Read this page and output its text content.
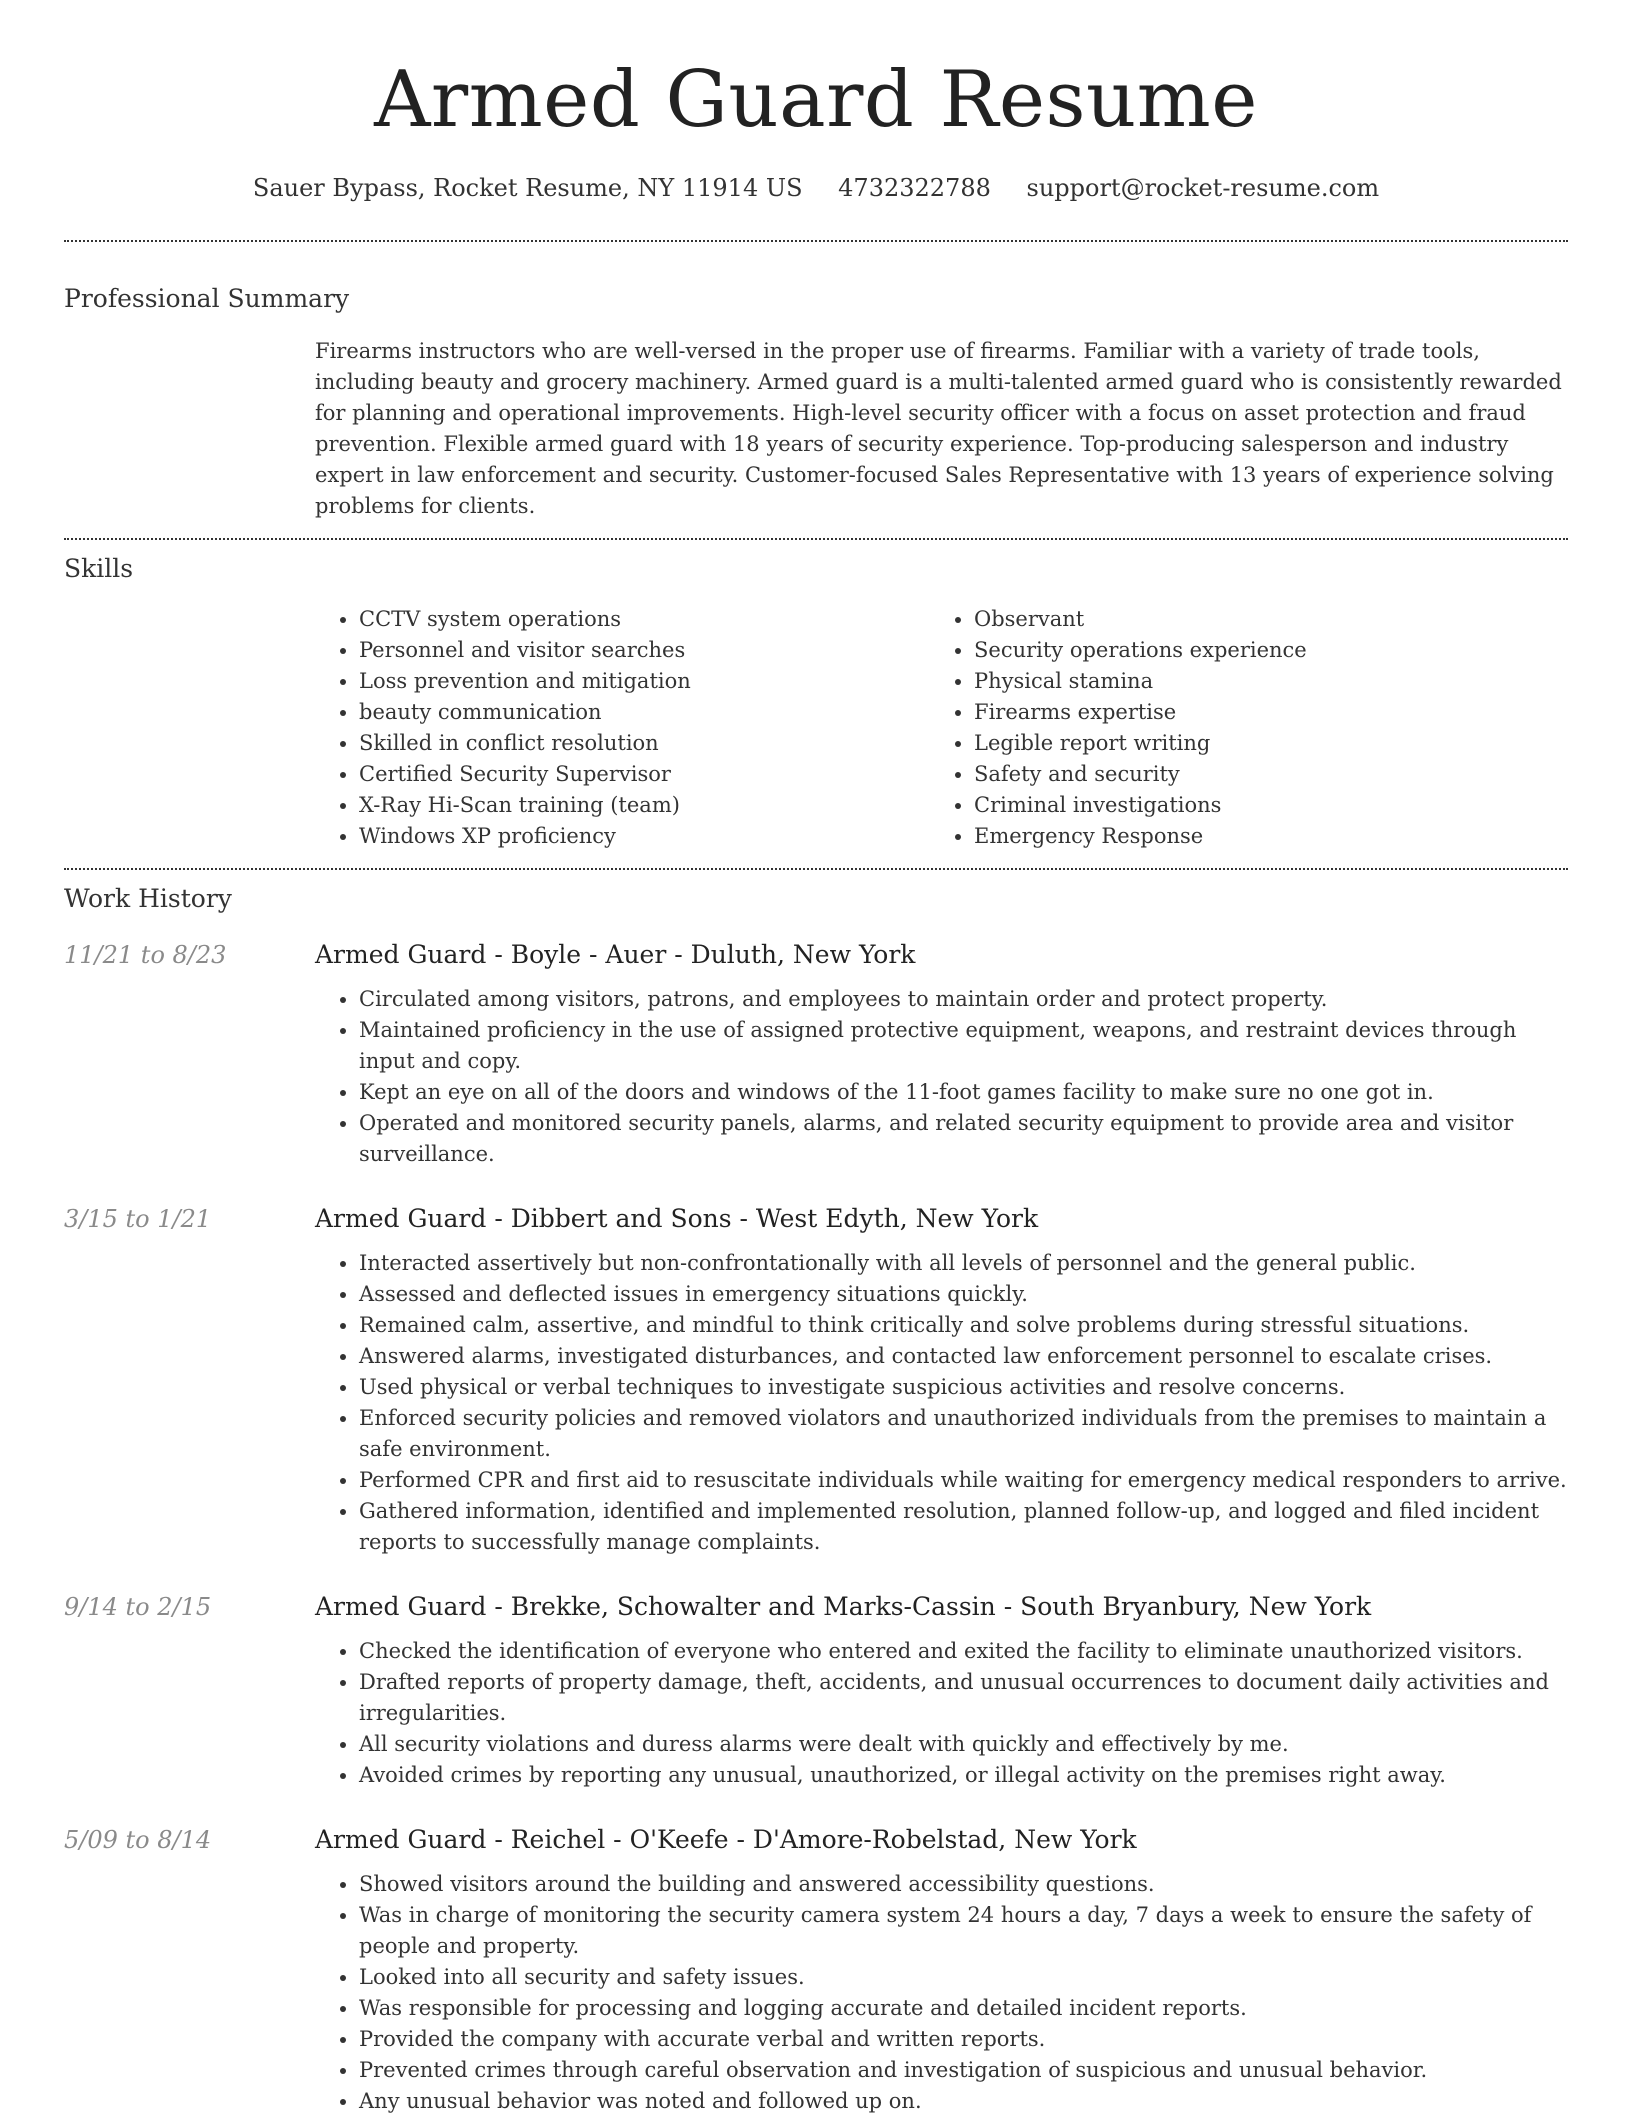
Armed Guard Resume
Sauer Bypass, Rocket Resume, NY 11914 US 4732322788 support@rocket-resume.com
Professional Summary

Firearms instructors who are well-versed in the proper use of firearms. Familiar with a variety of trade tools, including beauty and grocery machinery. Armed guard is a multi-talented armed guard who is consistently rewarded for planning and operational improvements. High-level security officer with a focus on asset protection and fraud prevention. Flexible armed guard with 18 years of security experience. Top-producing salesperson and industry expert in law enforcement and security. Customer-focused Sales Representative with 13 years of experience solving problems for clients.

Skills
• CCTV system operations
• Personnel and visitor searches
• Loss prevention and mitigation
• beauty communication
• Skilled in conflict resolution
• Certified Security Supervisor
• X-Ray Hi-Scan training (team)
• Windows XP proficiency
• Observant
• Security operations experience
• Physical stamina
• Firearms expertise
• Legible report writing
• Safety and security
• Criminal investigations
• Emergency Response
Work History
11/21 to 8/23	Armed Guard - Boyle - Auer - Duluth, New York
• Circulated among visitors, patrons, and employees to maintain order and protect property.
• Maintained proficiency in the use of assigned protective equipment, weapons, and restraint devices through input and copy.
• Kept an eye on all of the doors and windows of the 11-foot games facility to make sure no one got in.
• Operated and monitored security panels, alarms, and related security equipment to provide area and visitor surveillance.
3/15 to 1/21	Armed Guard - Dibbert and Sons - West Edyth, New York
• Interacted assertively but non-confrontationally with all levels of personnel and the general public.
• Assessed and deflected issues in emergency situations quickly.
• Remained calm, assertive, and mindful to think critically and solve problems during stressful situations.
• Answered alarms, investigated disturbances, and contacted law enforcement personnel to escalate crises.
• Used physical or verbal techniques to investigate suspicious activities and resolve concerns.
• Enforced security policies and removed violators and unauthorized individuals from the premises to maintain a safe environment.
• Performed CPR and first aid to resuscitate individuals while waiting for emergency medical responders to arrive.
• Gathered information, identified and implemented resolution, planned follow-up, and logged and filed incident reports to successfully manage complaints.
9/14 to 2/15	Armed Guard - Brekke, Schowalter and Marks-Cassin - South Bryanbury, New York
• Checked the identification of everyone who entered and exited the facility to eliminate unauthorized visitors.
• Drafted reports of property damage, theft, accidents, and unusual occurrences to document daily activities and irregularities.
• All security violations and duress alarms were dealt with quickly and effectively by me.
• Avoided crimes by reporting any unusual, unauthorized, or illegal activity on the premises right away.
5/09 to 8/14	Armed Guard - Reichel - O'Keefe - D'Amore-Robelstad, New York
• Showed visitors around the building and answered accessibility questions.
• Was in charge of monitoring the security camera system 24 hours a day, 7 days a week to ensure the safety of people and property.
• Looked into all security and safety issues.
• Was responsible for processing and logging accurate and detailed incident reports.
• Provided the company with accurate verbal and written reports.
• Prevented crimes through careful observation and investigation of suspicious and unusual behavior.
• Any unusual behavior was noted and followed up on.
